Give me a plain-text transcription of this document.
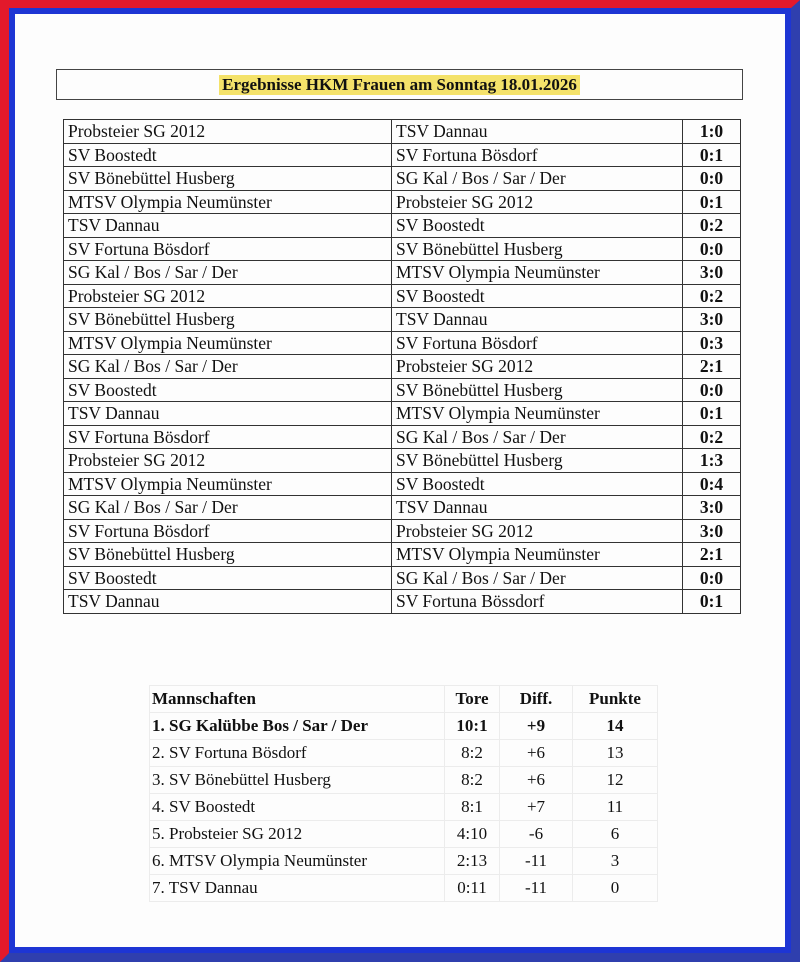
Ergebnisse HKM Frauen am Sonntag 18.01.2026
Probsteier SG 2012	TSV Dannau	1:0
SV Boostedt	SV Fortuna Bösdorf	0:1
SV Bönebüttel Husberg	SG Kal / Bos / Sar / Der	0:0
MTSV Olympia Neumünster	Probsteier SG 2012	0:1
TSV Dannau	SV Boostedt	0:2
SV Fortuna Bösdorf	SV Bönebüttel Husberg	0:0
SG Kal / Bos / Sar / Der	MTSV Olympia Neumünster	3:0
Probsteier SG 2012	SV Boostedt	0:2
SV Bönebüttel Husberg	TSV Dannau	3:0
MTSV Olympia Neumünster	SV Fortuna Bösdorf	0:3
SG Kal / Bos / Sar / Der	Probsteier SG 2012	2:1
SV Boostedt	SV Bönebüttel Husberg	0:0
TSV Dannau	MTSV Olympia Neumünster	0:1
SV Fortuna Bösdorf	SG Kal / Bos / Sar / Der	0:2
Probsteier SG 2012	SV Bönebüttel Husberg	1:3
MTSV Olympia Neumünster	SV Boostedt	0:4
SG Kal / Bos / Sar / Der	TSV Dannau	3:0
SV Fortuna Bösdorf	Probsteier SG 2012	3:0
SV Bönebüttel Husberg	MTSV Olympia Neumünster	2:1
SV Boostedt	SG Kal / Bos / Sar / Der	0:0
TSV Dannau	SV Fortuna Bössdorf	0:1
Mannschaften	Tore	Diff.	Punkte
1. SG Kalübbe Bos / Sar / Der	10:1	+9	14
2. SV Fortuna Bösdorf	8:2	+6	13
3. SV Bönebüttel Husberg	8:2	+6	12
4. SV Boostedt	8:1	+7	11
5. Probsteier SG 2012	4:10	-6	6
6. MTSV Olympia Neumünster	2:13	-11	3
7. TSV Dannau	0:11	-11	0
